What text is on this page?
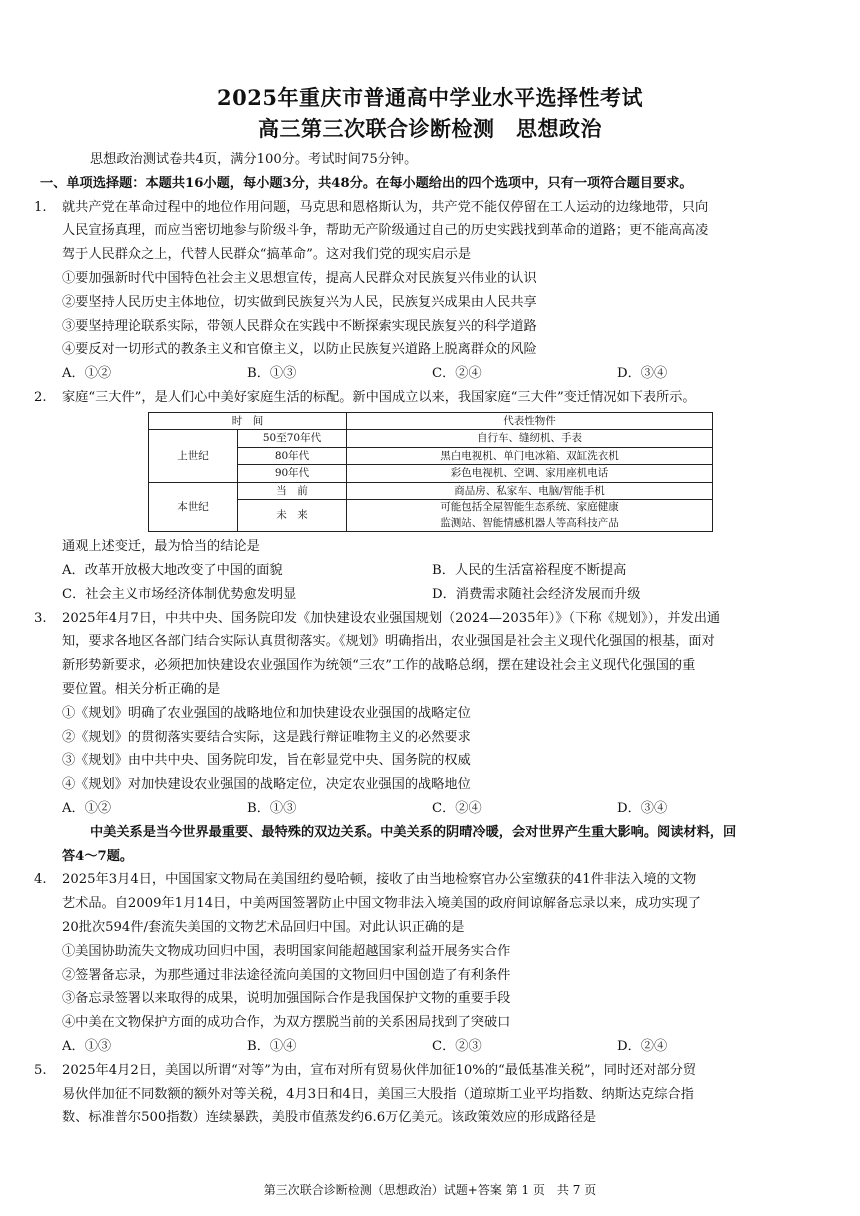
2025年重庆市普通高中学业水平选择性考试
高三第三次联合诊断检测　思想政治
思想政治测试卷共4页，满分100分。考试时间75分钟。
一、单项选择题：本题共16小题，每小题3分，共48分。在每小题给出的四个选项中，只有一项符合题目要求。
1. 就共产党在革命过程中的地位作用问题，马克思和恩格斯认为，共产党不能仅停留在工人运动的边缘地带，只向
人民宣扬真理，而应当密切地参与阶级斗争，帮助无产阶级通过自己的历史实践找到革命的道路；更不能高高凌
驾于人民群众之上，代替人民群众“搞革命”。这对我们党的现实启示是
①要加强新时代中国特色社会主义思想宣传，提高人民群众对民族复兴伟业的认识
②要坚持人民历史主体地位，切实做到民族复兴为人民，民族复兴成果由人民共享
③要坚持理论联系实际，带领人民群众在实践中不断探索实现民族复兴的科学道路
④要反对一切形式的教条主义和官僚主义，以防止民族复兴道路上脱离群众的风险
A．①②	B．①③	C．②④	D．③④
2. 家庭“三大件”，是人们心中美好家庭生活的标配。新中国成立以来，我国家庭“三大件”变迁情况如下表所示。
时　间		代表性物件
上世纪	50至70年代	自行车、缝纫机、手表
	80年代	黑白电视机、单门电冰箱、双缸洗衣机
	90年代	彩色电视机、空调、家用座机电话
本世纪	当　前	商品房、私家车、电脑/智能手机
	未　来	可能包括全屋智能生态系统、家庭健康
监测站、智能情感机器人等高科技产品
通观上述变迁，最为恰当的结论是
A．改革开放极大地改变了中国的面貌	B．人民的生活富裕程度不断提高
C．社会主义市场经济体制优势愈发明显	D．消费需求随社会经济发展而升级
3. 2025年4月7日，中共中央、国务院印发《加快建设农业强国规划（2024—2035年）》（下称《规划》），并发出通
知，要求各地区各部门结合实际认真贯彻落实。《规划》明确指出，农业强国是社会主义现代化强国的根基，面对
新形势新要求，必须把加快建设农业强国作为统领“三农”工作的战略总纲，摆在建设社会主义现代化强国的重
要位置。相关分析正确的是
①《规划》明确了农业强国的战略地位和加快建设农业强国的战略定位
②《规划》的贯彻落实要结合实际，这是践行辩证唯物主义的必然要求
③《规划》由中共中央、国务院印发，旨在彰显党中央、国务院的权威
④《规划》对加快建设农业强国的战略定位，决定农业强国的战略地位
A．①②	B．①③	C．②④	D．③④
中美关系是当今世界最重要、最特殊的双边关系。中美关系的阴晴冷暖，会对世界产生重大影响。阅读材料，回
答4～7题。
4. 2025年3月4日，中国国家文物局在美国纽约曼哈顿，接收了由当地检察官办公室缴获的41件非法入境的文物
艺术品。自2009年1月14日，中美两国签署防止中国文物非法入境美国的政府间谅解备忘录以来，成功实现了
20批次594件/套流失美国的文物艺术品回归中国。对此认识正确的是
①美国协助流失文物成功回归中国，表明国家间能超越国家利益开展务实合作
②签署备忘录，为那些通过非法途径流向美国的文物回归中国创造了有利条件
③备忘录签署以来取得的成果，说明加强国际合作是我国保护文物的重要手段
④中美在文物保护方面的成功合作，为双方摆脱当前的关系困局找到了突破口
A．①③	B．①④	C．②③	D．②④
5. 2025年4月2日，美国以所谓“对等”为由，宣布对所有贸易伙伴加征10%的“最低基准关税”，同时还对部分贸
易伙伴加征不同数额的额外对等关税，4月3日和4日，美国三大股指（道琼斯工业平均指数、纳斯达克综合指
数、标准普尔500指数）连续暴跌，美股市值蒸发约6.6万亿美元。该政策效应的形成路径是
第三次联合诊断检测（思想政治）试题+答案 第 1 页　共 7 页
